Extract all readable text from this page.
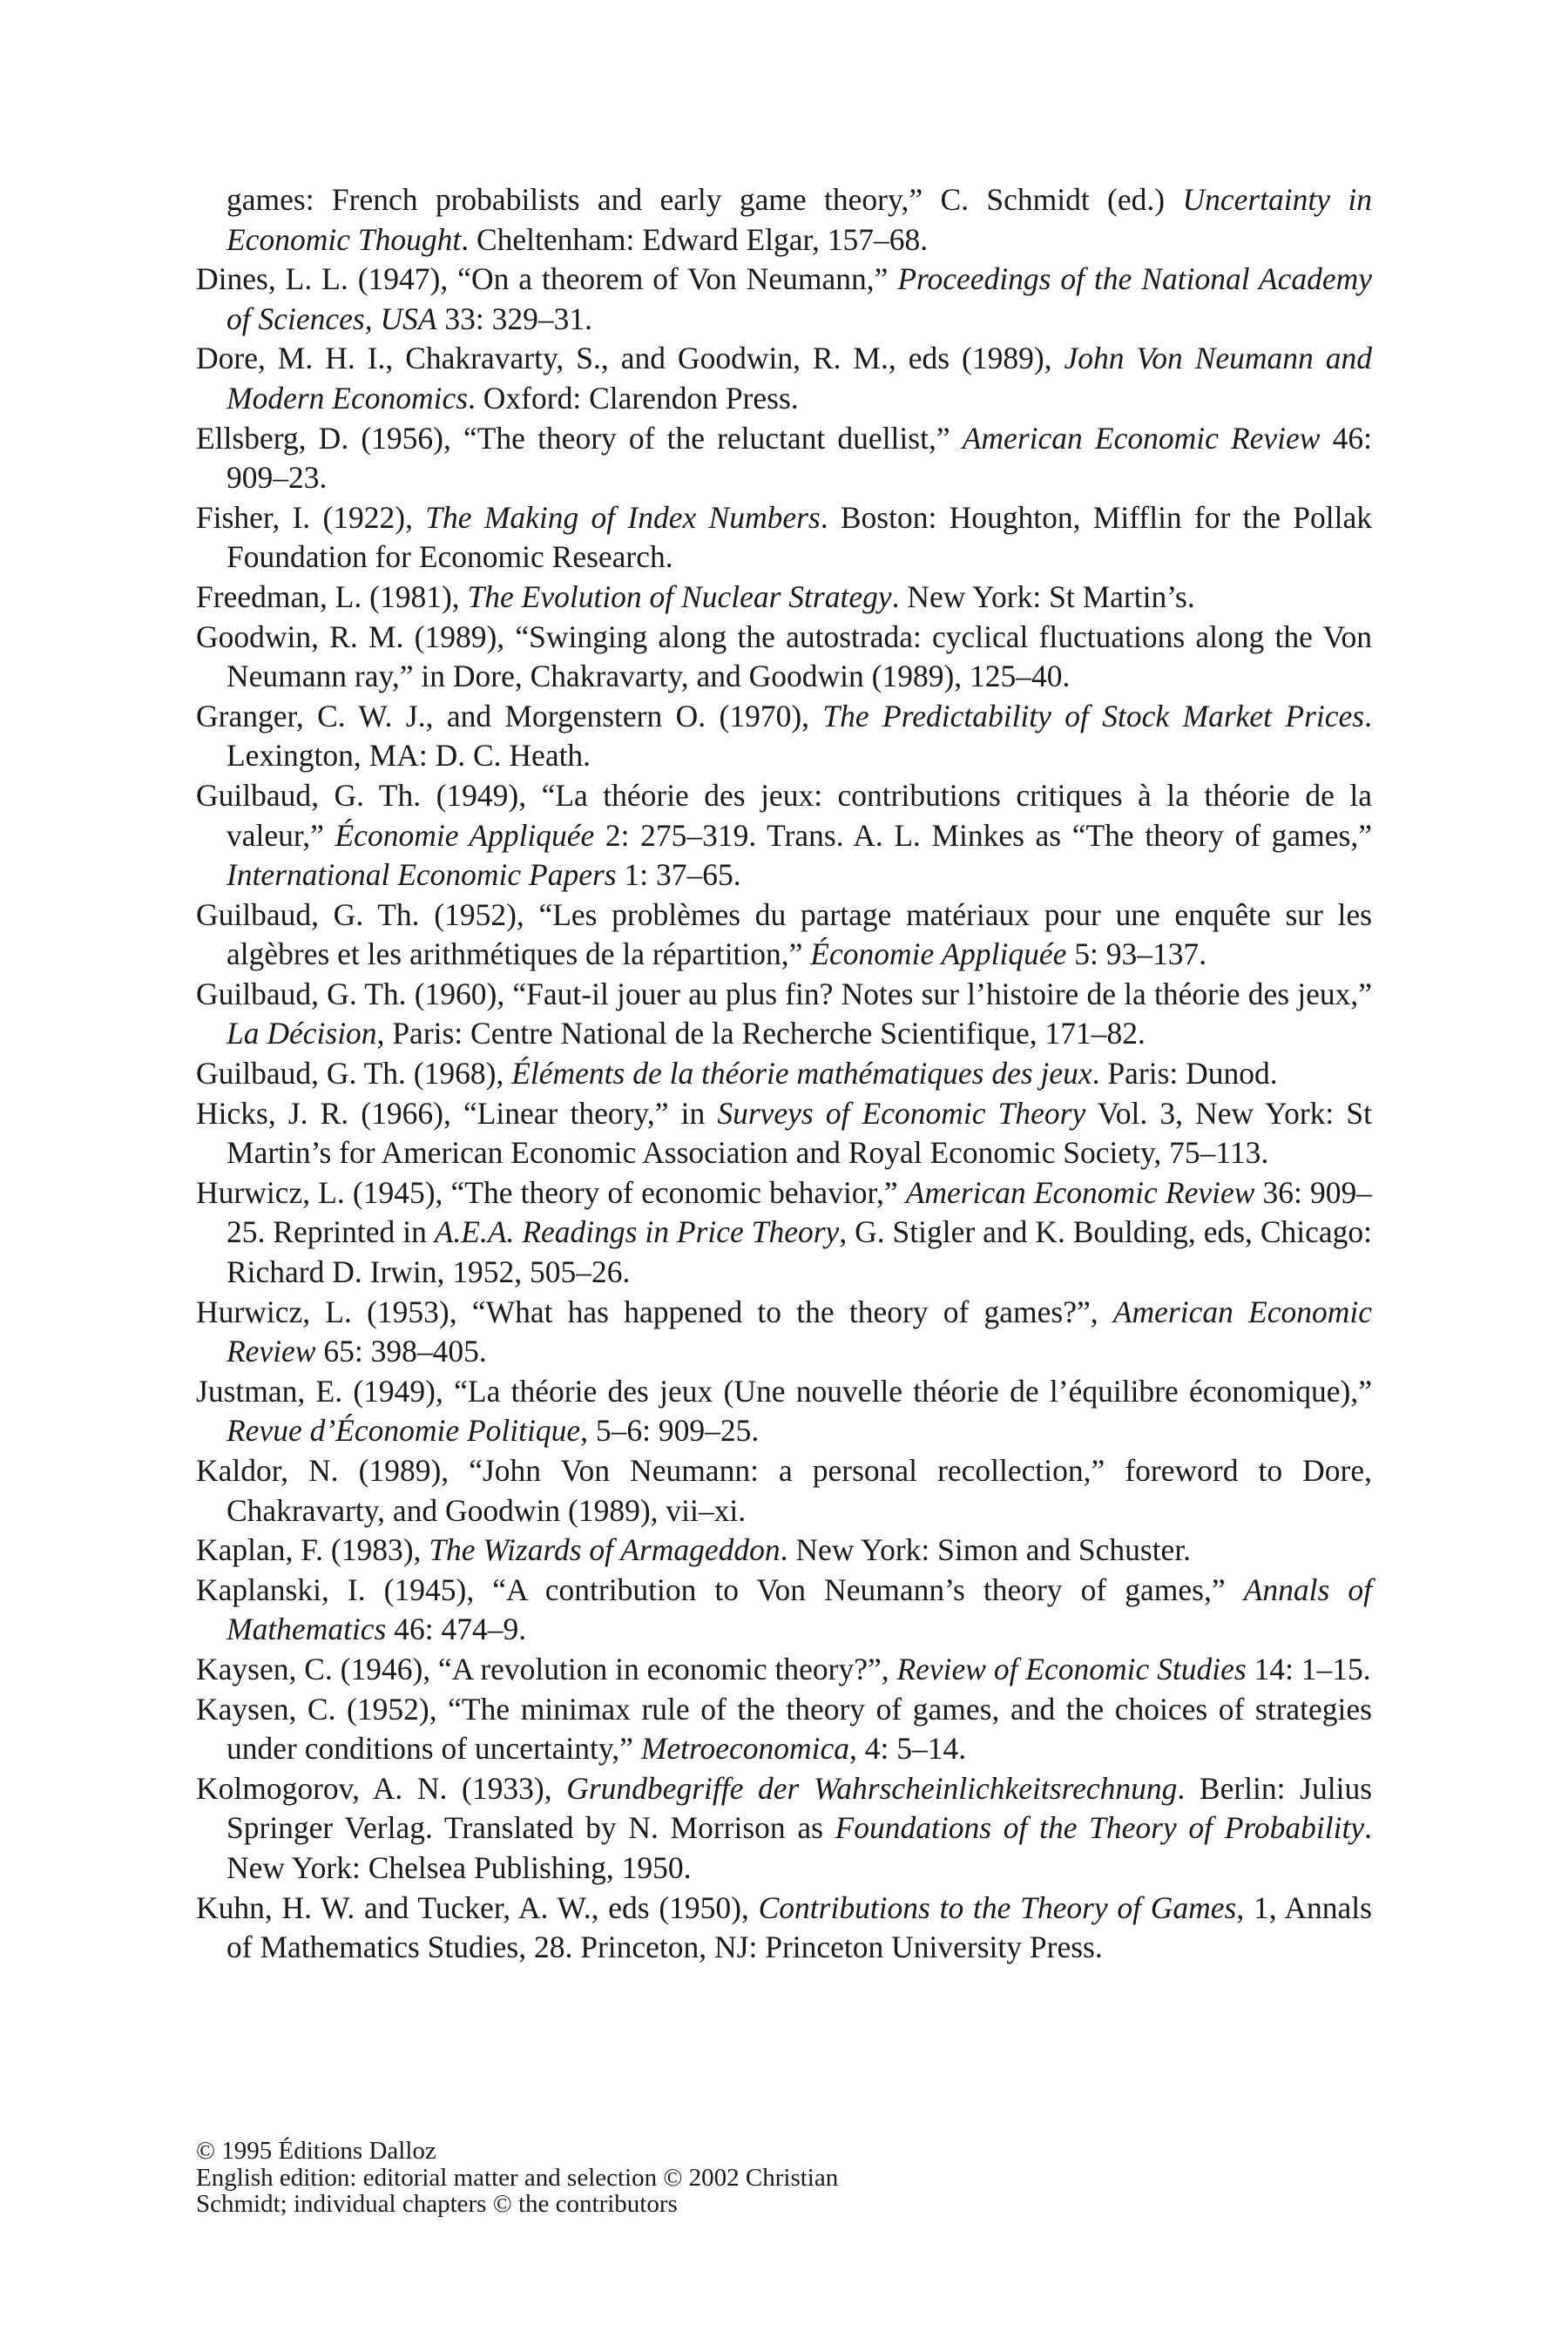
games: French probabilists and early game theory,” C. Schmidt (ed.) Uncertainty in Economic Thought. Cheltenham: Edward Elgar, 157–68.
Dines, L. L. (1947), “On a theorem of Von Neumann,” Proceedings of the National Academy of Sciences, USA 33: 329–31.
Dore, M. H. I., Chakravarty, S., and Goodwin, R. M., eds (1989), John Von Neumann and Modern Economics. Oxford: Clarendon Press.
Ellsberg, D. (1956), “The theory of the reluctant duellist,” American Economic Review 46: 909–23.
Fisher, I. (1922), The Making of Index Numbers. Boston: Houghton, Mifflin for the Pollak Foundation for Economic Research.
Freedman, L. (1981), The Evolution of Nuclear Strategy. New York: St Martin’s.
Goodwin, R. M. (1989), “Swinging along the autostrada: cyclical fluctuations along the Von Neumann ray,” in Dore, Chakravarty, and Goodwin (1989), 125–40.
Granger, C. W. J., and Morgenstern O. (1970), The Predictability of Stock Market Prices. Lexington, MA: D. C. Heath.
Guilbaud, G. Th. (1949), “La théorie des jeux: contributions critiques à la théorie de la valeur,” Économie Appliquée 2: 275–319. Trans. A. L. Minkes as “The theory of games,” International Economic Papers 1: 37–65.
Guilbaud, G. Th. (1952), “Les problèmes du partage matériaux pour une enquête sur les algèbres et les arithmétiques de la répartition,” Économie Appliquée 5: 93–137.
Guilbaud, G. Th. (1960), “Faut-il jouer au plus fin? Notes sur l’histoire de la théorie des jeux,” La Décision, Paris: Centre National de la Recherche Scientifique, 171–82.
Guilbaud, G. Th. (1968), Éléments de la théorie mathématiques des jeux. Paris: Dunod.
Hicks, J. R. (1966), “Linear theory,” in Surveys of Economic Theory Vol. 3, New York: St Martin’s for American Economic Association and Royal Economic Society, 75–113.
Hurwicz, L. (1945), “The theory of economic behavior,” American Economic Review 36: 909–25. Reprinted in A.E.A. Readings in Price Theory, G. Stigler and K. Boulding, eds, Chicago: Richard D. Irwin, 1952, 505–26.
Hurwicz, L. (1953), “What has happened to the theory of games?”, American Economic Review 65: 398–405.
Justman, E. (1949), “La théorie des jeux (Une nouvelle théorie de l’équilibre économique),” Revue d’Économie Politique, 5–6: 909–25.
Kaldor, N. (1989), “John Von Neumann: a personal recollection,” foreword to Dore, Chakravarty, and Goodwin (1989), vii–xi.
Kaplan, F. (1983), The Wizards of Armageddon. New York: Simon and Schuster.
Kaplanski, I. (1945), “A contribution to Von Neumann’s theory of games,” Annals of Mathematics 46: 474–9.
Kaysen, C. (1946), “A revolution in economic theory?”, Review of Economic Studies 14: 1–15.
Kaysen, C. (1952), “The minimax rule of the theory of games, and the choices of strategies under conditions of uncertainty,” Metroeconomica, 4: 5–14.
Kolmogorov, A. N. (1933), Grundbegriffe der Wahrscheinlichkeitsrechnung. Berlin: Julius Springer Verlag. Translated by N. Morrison as Foundations of the Theory of Probability. New York: Chelsea Publishing, 1950.
Kuhn, H. W. and Tucker, A. W., eds (1950), Contributions to the Theory of Games, 1, Annals of Mathematics Studies, 28. Princeton, NJ: Princeton University Press.
© 1995 Éditions Dalloz
English edition: editorial matter and selection © 2002 Christian
Schmidt; individual chapters © the contributors
